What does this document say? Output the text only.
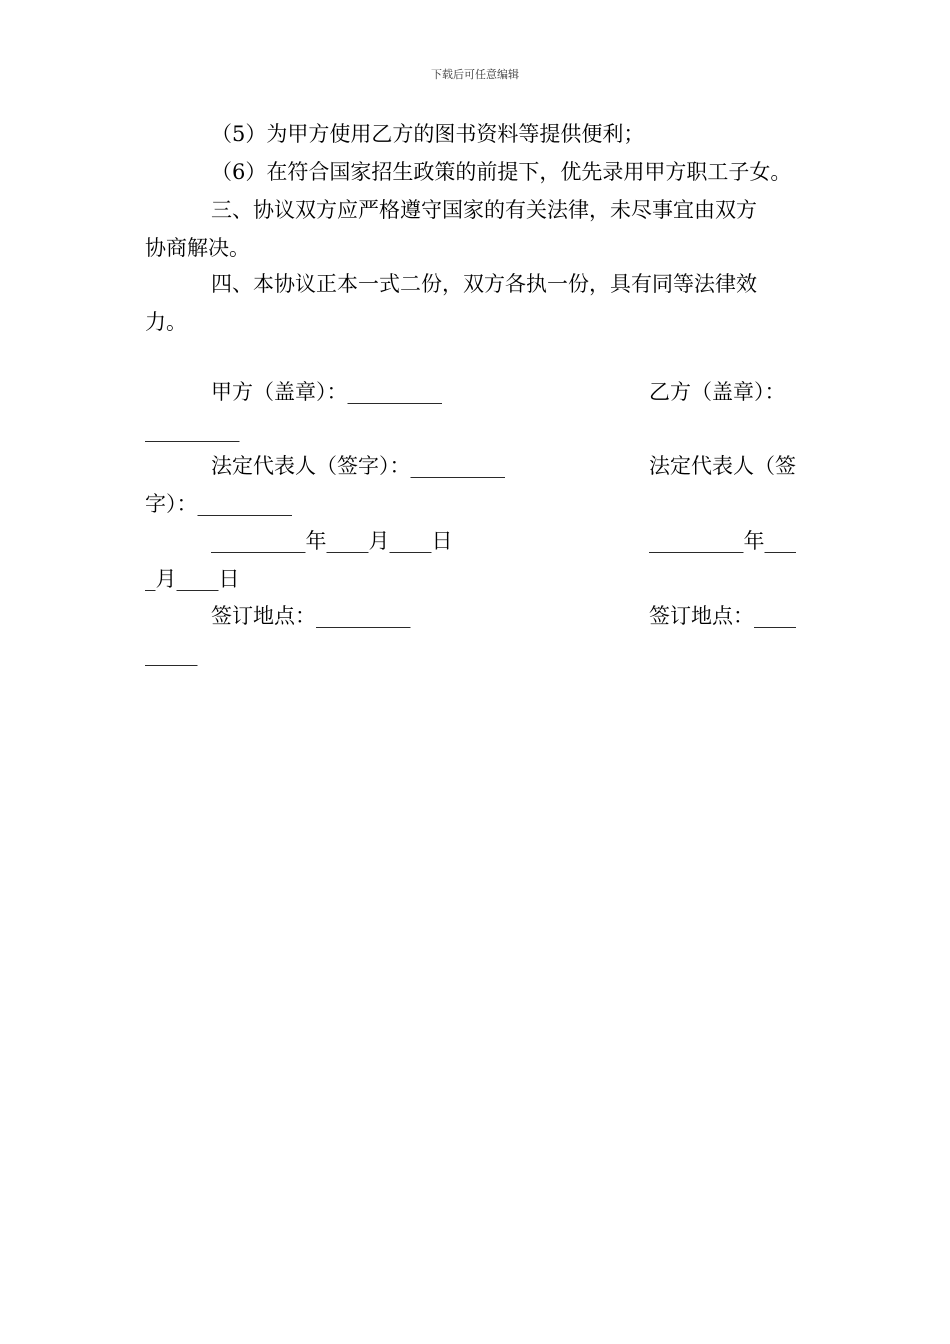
下载后可任意编辑
（5）为甲方使用乙方的图书资料等提供便利；
（6）在符合国家招生政策的前提下，优先录用甲方职工子女。
三、协议双方应严格遵守国家的有关法律，未尽事宜由双方
协商解决。
四、本协议正本一式二份，双方各执一份，具有同等法律效
力。
甲方（盖章）：_________	乙方（盖章）：
_________
法定代表人（签字）：_________	法定代表人（签
字）：_________
_________年____月____日	_________年___
_月____日
签订地点：_________	签订地点：____
_____
